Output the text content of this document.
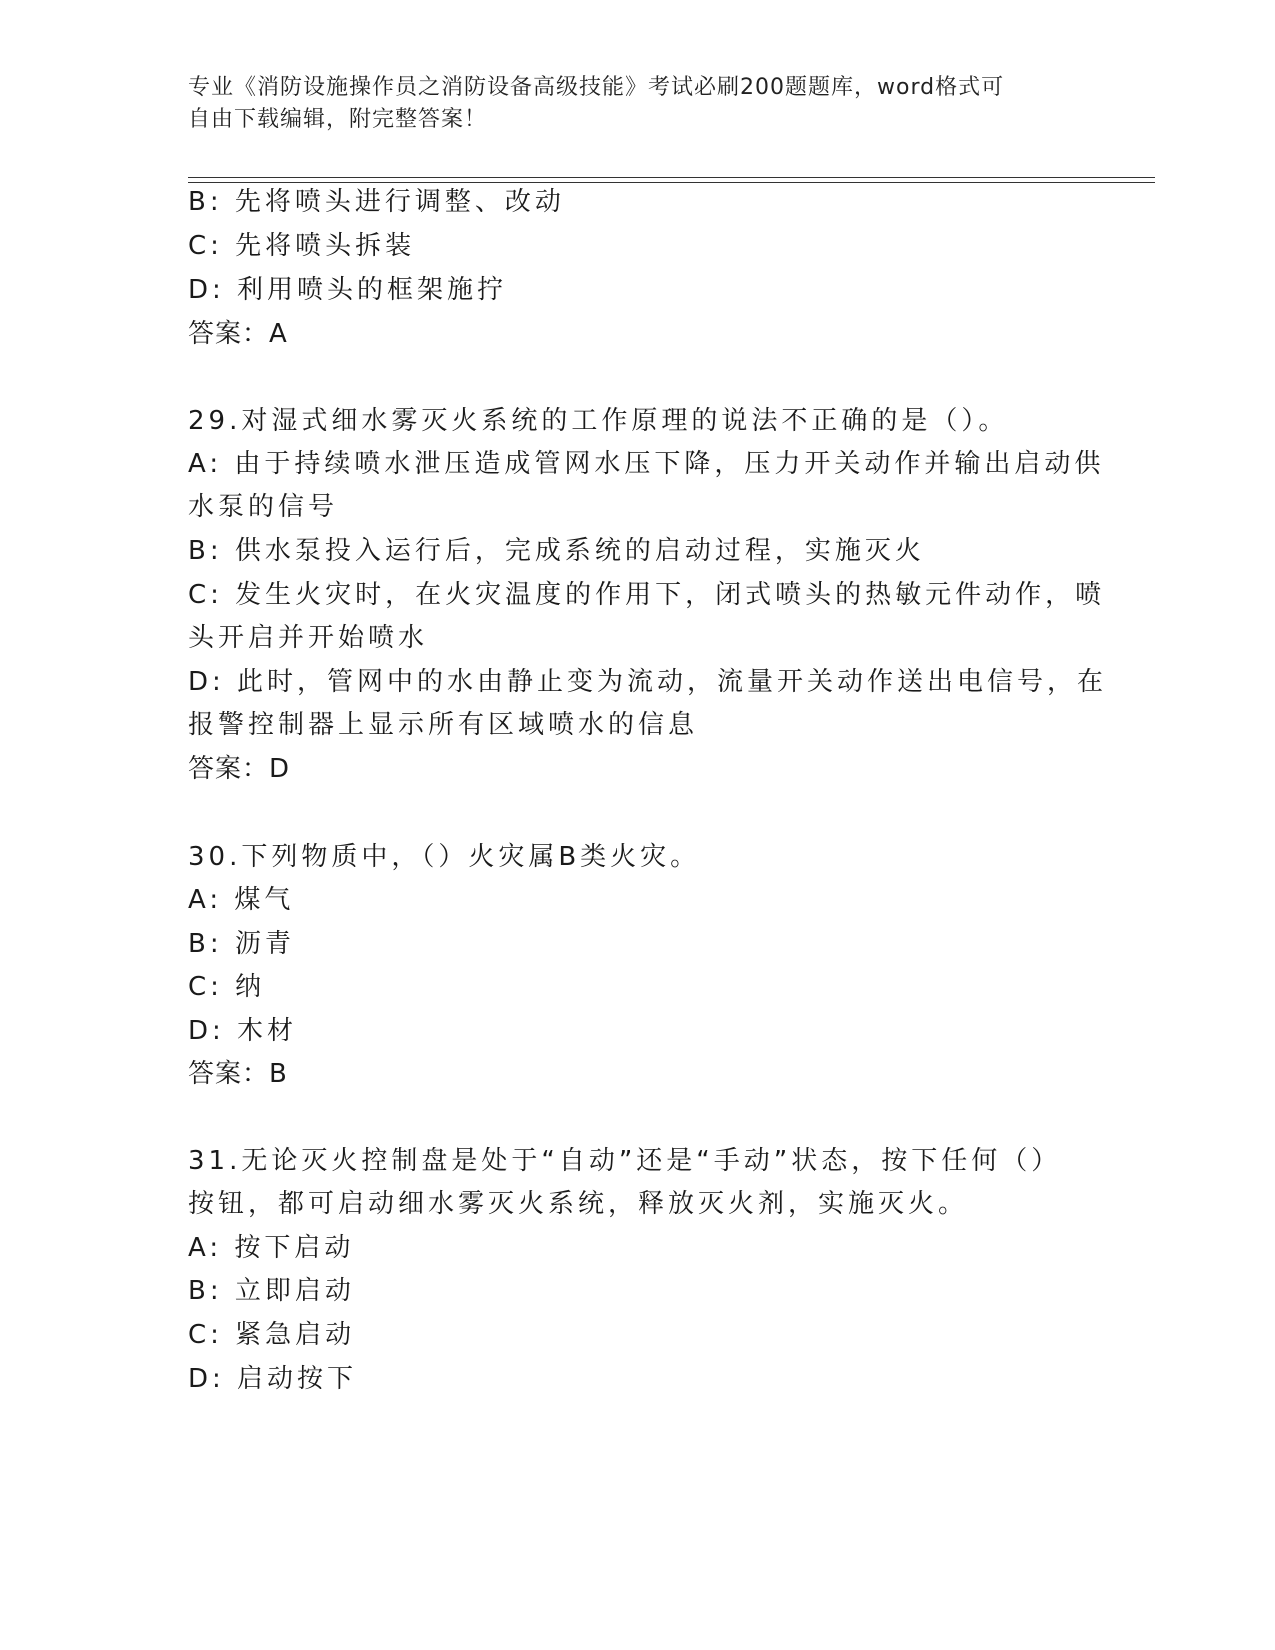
专业《消防设施操作员之消防设备高级技能》考试必刷200题题库，word格式可
自由下载编辑，附完整答案！
B: 先将喷头进行调整、改动
C: 先将喷头拆装
D: 利用喷头的框架施拧
答案：A
29.对湿式细水雾灭火系统的工作原理的说法不正确的是（）。
A: 由于持续喷水泄压造成管网水压下降，压力开关动作并输出启动供
水泵的信号
B: 供水泵投入运行后，完成系统的启动过程，实施灭火
C: 发生火灾时，在火灾温度的作用下，闭式喷头的热敏元件动作，喷
头开启并开始喷水
D: 此时，管网中的水由静止变为流动，流量开关动作送出电信号，在
报警控制器上显示所有区域喷水的信息
答案：D
30.下列物质中，（）火灾属B类火灾。
A: 煤气
B: 沥青
C: 纳
D: 木材
答案：B
31.无论灭火控制盘是处于“自动”还是“手动”状态，按下任何（）
按钮，都可启动细水雾灭火系统，释放灭火剂，实施灭火。
A: 按下启动
B: 立即启动
C: 紧急启动
D: 启动按下
